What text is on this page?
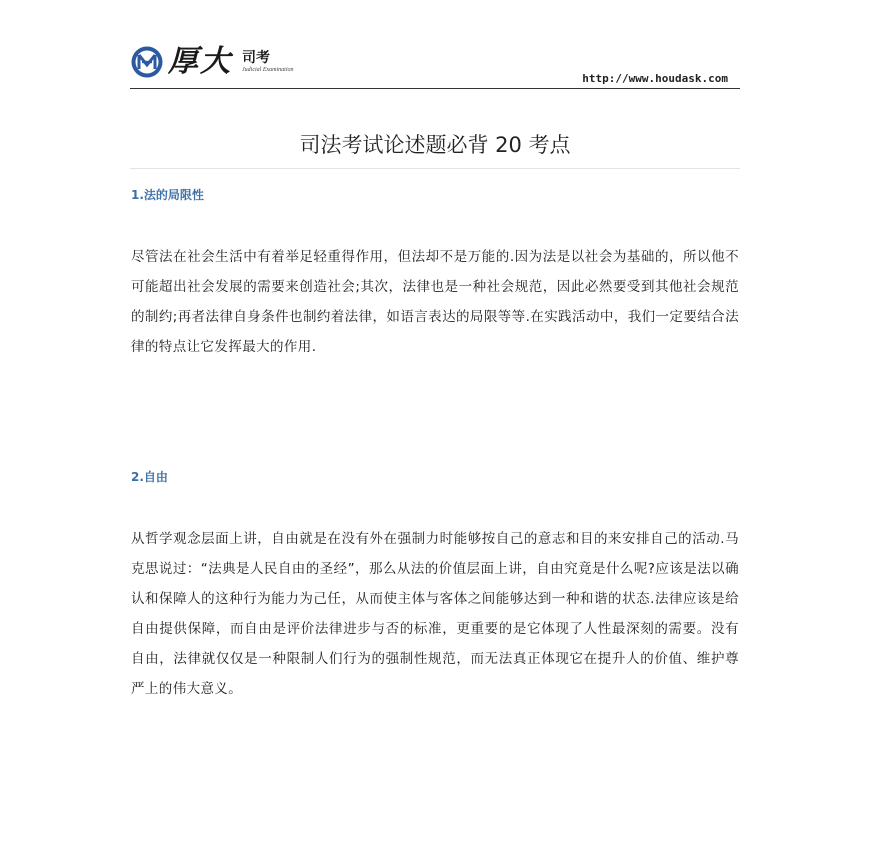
厚大 司考
Judicial Examination
http://www.houdask.com
司法考试论述题必背 20 考点
1.法的局限性
尽管法在社会生活中有着举足轻重得作用，但法却不是万能的.因为法是以社会为基础的，所以他不可能超出社会发展的需要来创造社会;其次，法律也是一种社会规范，因此必然要受到其他社会规范的制约;再者法律自身条件也制约着法律，如语言表达的局限等等.在实践活动中，我们一定要结合法律的特点让它发挥最大的作用.
2.自由
从哲学观念层面上讲，自由就是在没有外在强制力时能够按自己的意志和目的来安排自己的活动.马克思说过：“法典是人民自由的圣经”，那么从法的价值层面上讲，自由究竟是什么呢?应该是法以确认和保障人的这种行为能力为己任，从而使主体与客体之间能够达到一种和谐的状态.法律应该是给自由提供保障，而自由是评价法律进步与否的标准，更重要的是它体现了人性最深刻的需要。没有自由，法律就仅仅是一种限制人们行为的强制性规范，而无法真正体现它在提升人的价值、维护尊严上的伟大意义。
